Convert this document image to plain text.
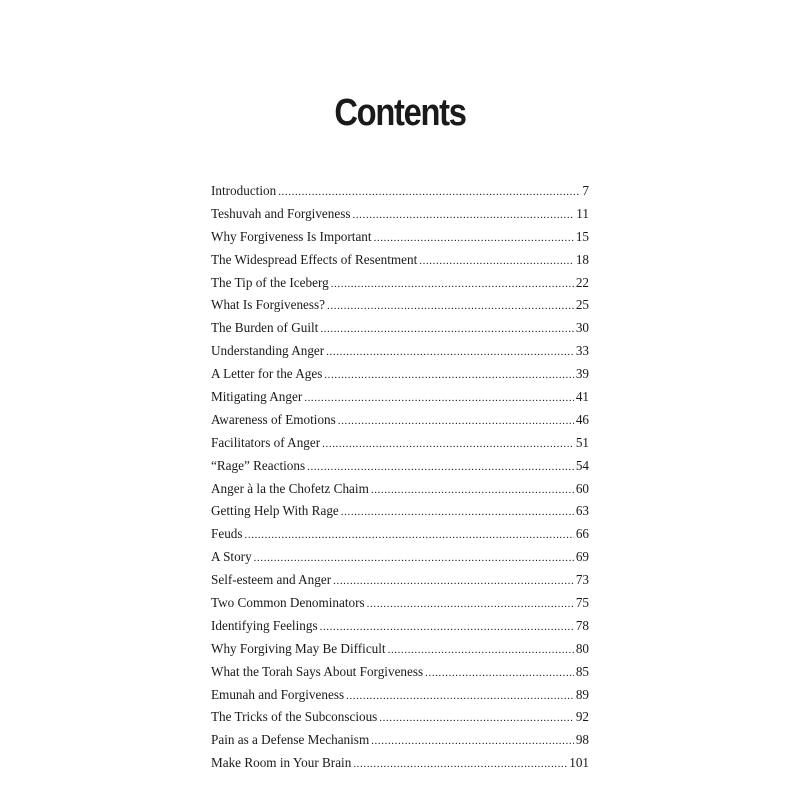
Contents
Introduction .....	7
Teshuvah and Forgiveness .....	11
Why Forgiveness Is Important .....	15
The Widespread Effects of Resentment .....	18
The Tip of the Iceberg .....	22
What Is Forgiveness? .....	25
The Burden of Guilt .....	30
Understanding Anger .....	33
A Letter for the Ages .....	39
Mitigating Anger .....	41
Awareness of Emotions .....	46
Facilitators of Anger .....	51
“Rage” Reactions .....	54
Anger à la the Chofetz Chaim .....	60
Getting Help With Rage .....	63
Feuds .....	66
A Story .....	69
Self-esteem and Anger .....	73
Two Common Denominators .....	75
Identifying Feelings .....	78
Why Forgiving May Be Difficult .....	80
What the Torah Says About Forgiveness .....	85
Emunah and Forgiveness .....	89
The Tricks of the Subconscious .....	92
Pain as a Defense Mechanism .....	98
Make Room in Your Brain .....	101
